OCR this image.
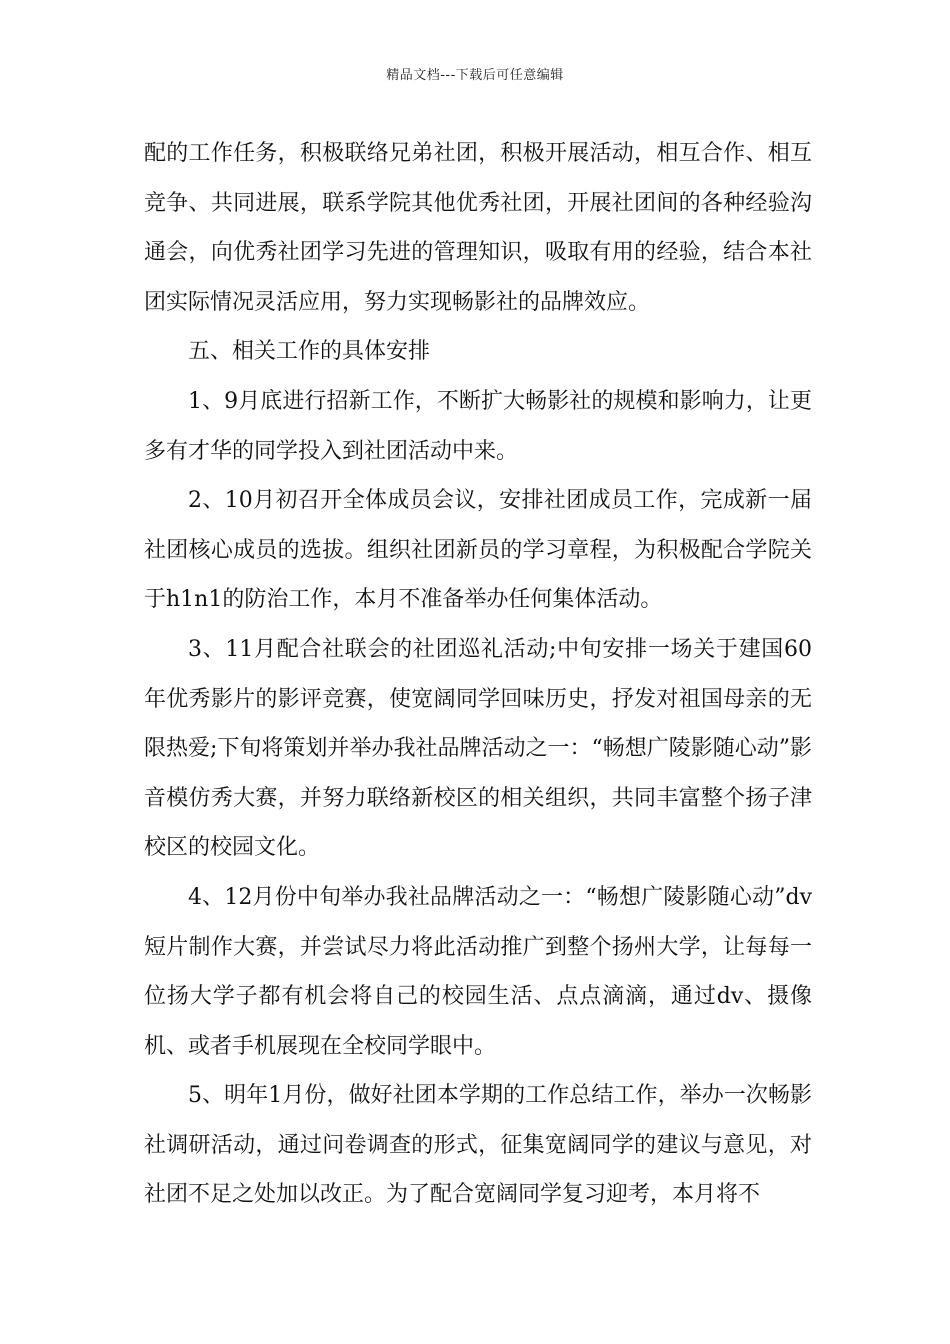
精品文档---下载后可任意编辑

配的工作任务，积极联络兄弟社团，积极开展活动，相互合作、相互竞争、共同进展，联系学院其他优秀社团，开展社团间的各种经验沟通会，向优秀社团学习先进的管理知识，吸取有用的经验，结合本社团实际情况灵活应用，努力实现畅影社的品牌效应。

五、相关工作的具体安排

1、9月底进行招新工作，不断扩大畅影社的规模和影响力，让更多有才华的同学投入到社团活动中来。

2、10月初召开全体成员会议，安排社团成员工作，完成新一届社团核心成员的选拔。组织社团新员的学习章程，为积极配合学院关于h1n1的防治工作，本月不准备举办任何集体活动。

3、11月配合社联会的社团巡礼活动;中旬安排一场关于建国60年优秀影片的影评竞赛，使宽阔同学回味历史，抒发对祖国母亲的无限热爱;下旬将策划并举办我社品牌活动之一：“畅想广陵影随心动”影音模仿秀大赛，并努力联络新校区的相关组织，共同丰富整个扬子津校区的校园文化。

4、12月份中旬举办我社品牌活动之一：“畅想广陵影随心动”dv短片制作大赛，并尝试尽力将此活动推广到整个扬州大学，让每每一位扬大学子都有机会将自己的校园生活、点点滴滴，通过dv、摄像机、或者手机展现在全校同学眼中。

5、明年1月份，做好社团本学期的工作总结工作，举办一次畅影社调研活动，通过问卷调查的形式，征集宽阔同学的建议与意见，对社团不足之处加以改正。为了配合宽阔同学复习迎考，本月将不
